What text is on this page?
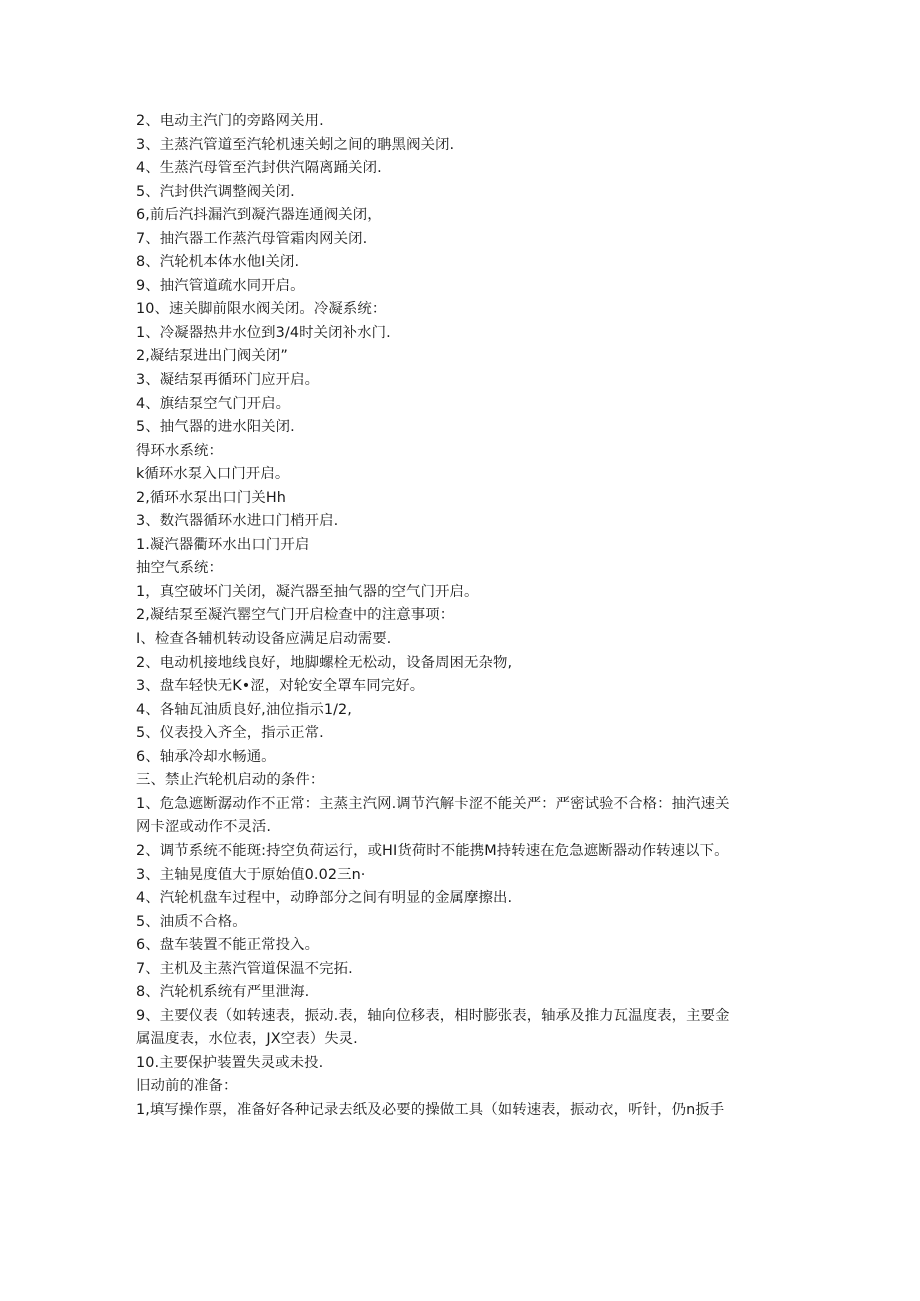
2、电动主汽门的旁路网关用.
3、主蒸汽管道至汽轮机速关蚓之间的聃黑阀关闭.
4、生蒸汽母管至汽封供汽隔离踊关闭.
5、汽封供汽调整阀关闭.
6,前后汽抖漏汽到凝汽器连通阀关闭，
7、抽汽器工作蒸汽母管霜肉网关闭.
8、汽轮机本体水他I关闭.
9、抽汽管道疏水同开启。
10、速关脚前限水阀关闭。冷凝系统：
1、冷凝器热井水位到3/4时关闭补水门.
2,凝结泵进出门阀关闭”
3、凝结泵再循环门应开启。
4、旗结泵空气门开启。
5、抽气器的进水阳关闭.
得环水系统：
k循环水泵入口门开启。
2,循环水泵出口门关Hh
3、数汽器循环水进口门梢开启.
1.凝汽器衢环水出口门开启
抽空气系统：
1，真空破坏门关闭，凝汽器至抽气器的空气门开启。
2,凝结泵至凝汽罂空气门开启检查中的注意事项：
I、检查各辅机转动设备应满足启动需要.
2、电动机接地线良好，地脚螺栓无松动，设备周困无杂物,
3、盘车轻快无K•涩，对轮安全罩车同完好。
4、各轴瓦油质良好,油位指示1/2,
5、仪表投入齐全，指示正常.
6、轴承冷却水畅通。
三、禁止汽轮机启动的条件：
1、危急遮断潺动作不正常：主蒸主汽网.调节汽解卡涩不能关严：严密试验不合格：抽汽速关
网卡涩或动作不灵活.
2、调节系统不能斑:持空负荷运行，或HI货荷时不能携M持转速在危急遮断器动作转速以下。
3、主轴晃度值大于原始值0.02三n·
4、汽轮机盘车过程中，动睁部分之间有明显的金属摩擦出.
5、油质不合格。
6、盘车装置不能正常投入。
7、主机及主蒸汽管道保温不完拓.
8、汽轮机系统有严里泄海.
9、主要仪表（如转速表，振动.表，轴向位移表，相时膨张表，轴承及推力瓦温度表，主要金
属温度表，水位表，JX空表）失灵.
10.主要保护装置失灵或未投.
旧动前的准备：
1,填写操作票，准备好各种记录去纸及必要的操做工具（如转速表，振动衣，听针，仍n扳手
